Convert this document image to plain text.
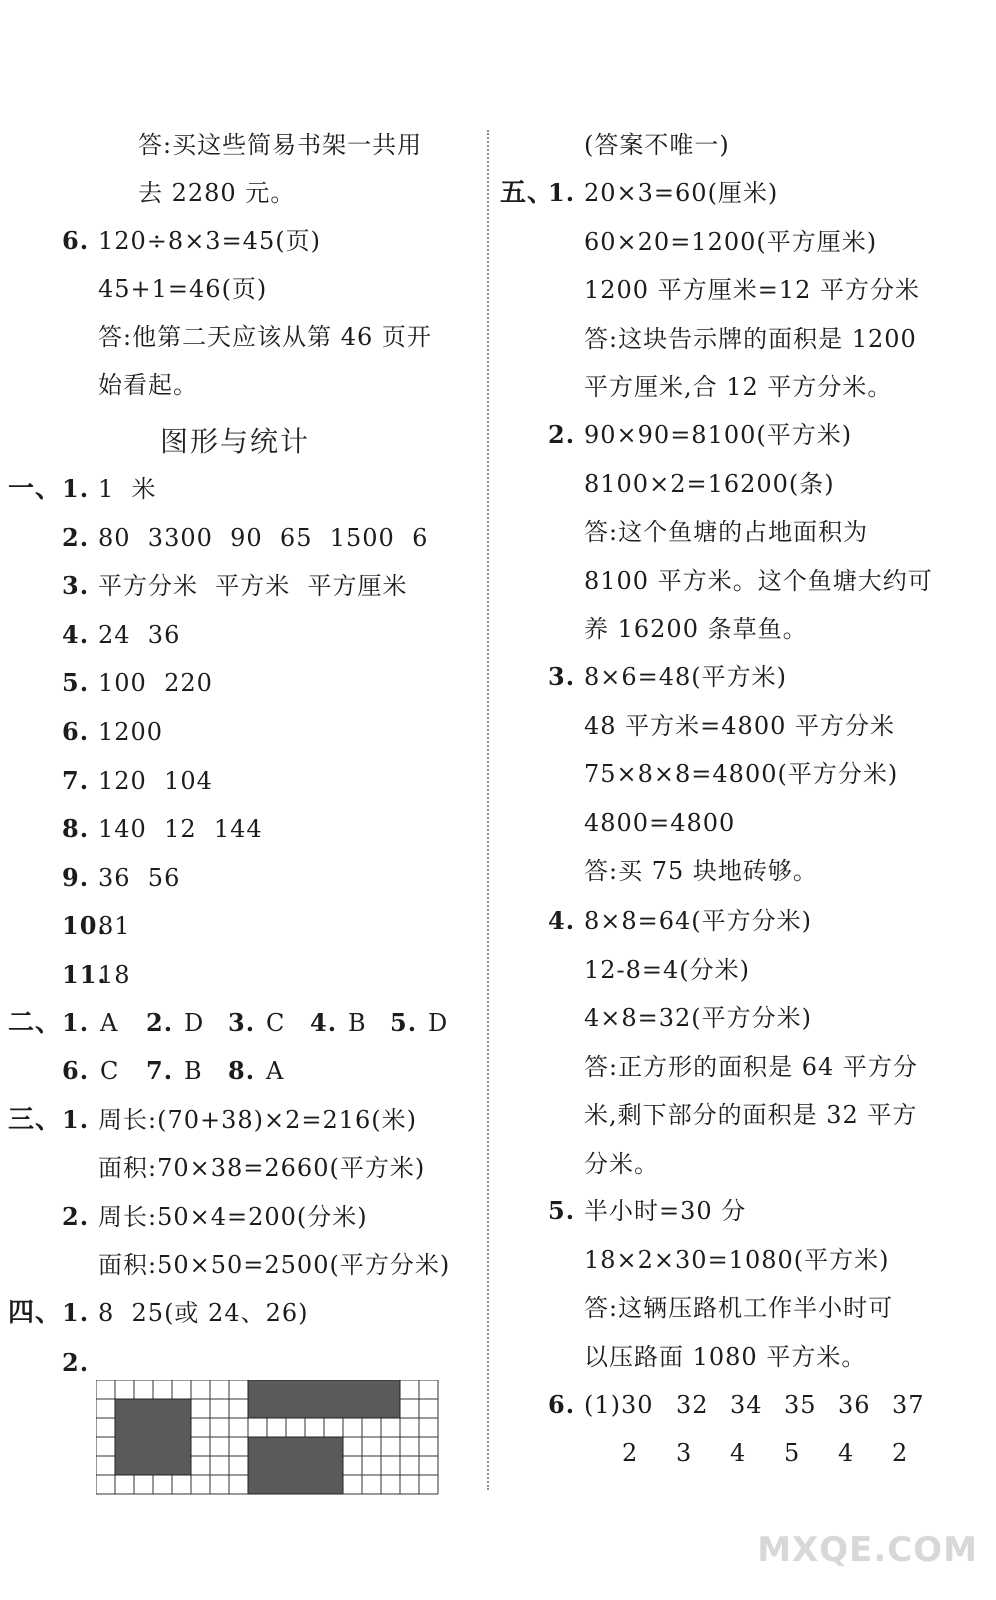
答:买这些简易书架一共用
去 2280 元。
6. 120÷8×3=45(页)
45+1=46(页)
答:他第二天应该从第 46 页开
始看起。
图形与统计
一、
二、
三、 1. 周长:(70+38)×2=216(米)
面积:70×38=2660(平方米)
2. 周长:50×4=200(分米)
面积:50×50=2500(平方分米)
四、 1. 8  25(或 24、26)
2.
(答案不唯一)
五、
6.
MXQE.COM
1. 1  米
2. 80  3300  90  65  1500  6
3. 平方分米  平方米  平方厘米
4. 24  36
5. 100  220
6. 1200
7. 120  104
8. 140  12  144
9. 36  56
10.
81
11.
18
1. A 2. D 3. C 4. B 5. D
6. C 7. B 8. A
1. 20×3=60(厘米)
60×20=1200(平方厘米)
1200 平方厘米=12 平方分米
答:这块告示牌的面积是 1200
平方厘米,合 12 平方分米。
2. 90×90=8100(平方米)
8100×2=16200(条)
答:这个鱼塘的占地面积为
8100 平方米。这个鱼塘大约可
养 16200 条草鱼。
3. 8×6=48(平方米)
48 平方米=4800 平方分米
75×8×8=4800(平方分米)
4800=4800
答:买 75 块地砖够。
4. 8×8=64(平方分米)
12-8=4(分米)
4×8=32(平方分米)
答:正方形的面积是 64 平方分
米,剩下部分的面积是 32 平方
分米。
5. 半小时=30 分
18×2×30=1080(平方米)
答:这辆压路机工作半小时可
以压路面 1080 平方米。
(1)30 32 34 35 36 37
2 3 4 5 4 2
